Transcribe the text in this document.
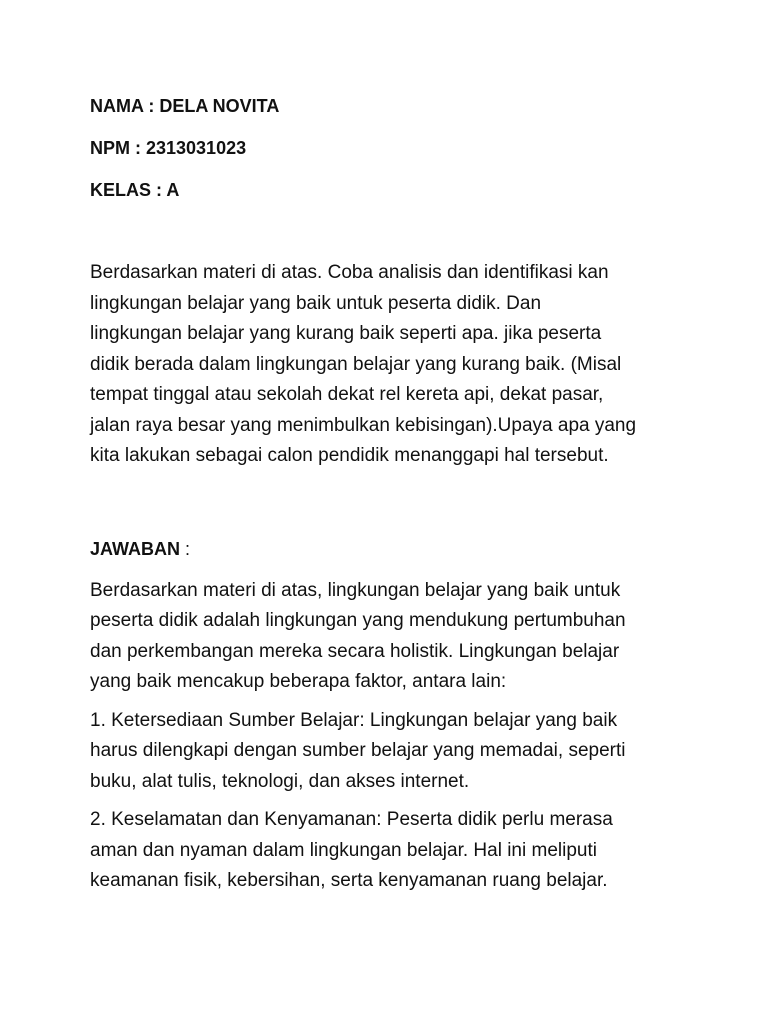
NAMA : DELA NOVITA

NPM : 2313031023

KELAS : A

Berdasarkan materi di atas. Coba analisis dan identifikasi kan
lingkungan belajar yang baik untuk peserta didik. Dan
lingkungan belajar yang kurang baik seperti apa. jika peserta
didik berada dalam lingkungan belajar yang kurang baik. (Misal
tempat tinggal atau sekolah dekat rel kereta api, dekat pasar,
jalan raya besar yang menimbulkan kebisingan).Upaya apa yang
kita lakukan sebagai calon pendidik menanggapi hal tersebut.
JAWABAN :
Berdasarkan materi di atas, lingkungan belajar yang baik untuk
peserta didik adalah lingkungan yang mendukung pertumbuhan
dan perkembangan mereka secara holistik. Lingkungan belajar
yang baik mencakup beberapa faktor, antara lain:
1. Ketersediaan Sumber Belajar: Lingkungan belajar yang baik
harus dilengkapi dengan sumber belajar yang memadai, seperti
buku, alat tulis, teknologi, dan akses internet.
2. Keselamatan dan Kenyamanan: Peserta didik perlu merasa
aman dan nyaman dalam lingkungan belajar. Hal ini meliputi
keamanan fisik, kebersihan, serta kenyamanan ruang belajar.
